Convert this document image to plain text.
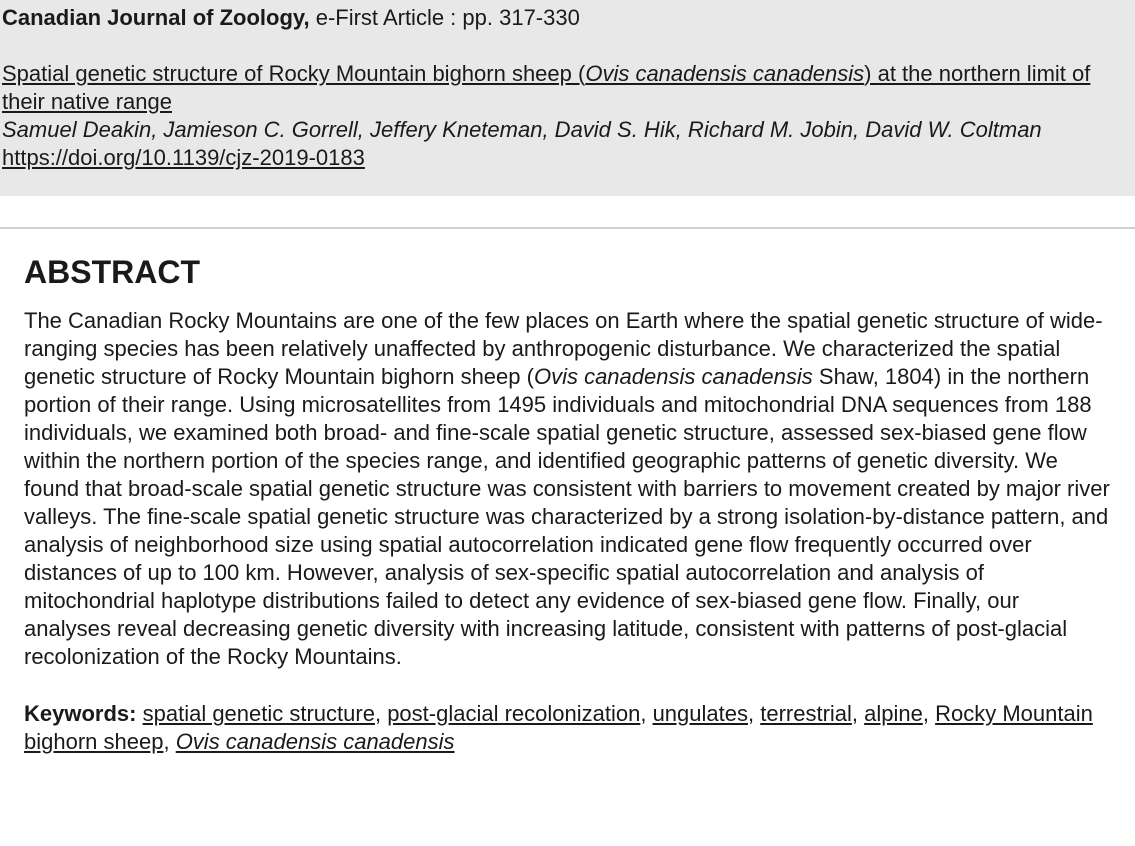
Canadian Journal of Zoology, e-First Article : pp. 317-330
Spatial genetic structure of Rocky Mountain bighorn sheep (Ovis canadensis canadensis) at the northern limit of their native range
Samuel Deakin, Jamieson C. Gorrell, Jeffery Kneteman, David S. Hik, Richard M. Jobin, David W. Coltman
https://doi.org/10.1139/cjz-2019-0183
ABSTRACT

The Canadian Rocky Mountains are one of the few places on Earth where the spatial genetic structure of wide-ranging species has been relatively unaffected by anthropogenic disturbance. We characterized the spatial genetic structure of Rocky Mountain bighorn sheep (Ovis canadensis canadensis Shaw, 1804) in the northern portion of their range. Using microsatellites from 1495 individuals and mitochondrial DNA sequences from 188 individuals, we examined both broad- and fine-scale spatial genetic structure, assessed sex-biased gene flow within the northern portion of the species range, and identified geographic patterns of genetic diversity. We found that broad-scale spatial genetic structure was consistent with barriers to movement created by major river valleys. The fine-scale spatial genetic structure was characterized by a strong isolation-by-distance pattern, and analysis of neighborhood size using spatial autocorrelation indicated gene flow frequently occurred over distances of up to 100 km. However, analysis of sex-specific spatial autocorrelation and analysis of mitochondrial haplotype distributions failed to detect any evidence of sex-biased gene flow. Finally, our analyses reveal decreasing genetic diversity with increasing latitude, consistent with patterns of post-glacial recolonization of the Rocky Mountains.

Keywords: spatial genetic structure, post-glacial recolonization, ungulates, terrestrial, alpine, Rocky Mountain bighorn sheep, Ovis canadensis canadensis
